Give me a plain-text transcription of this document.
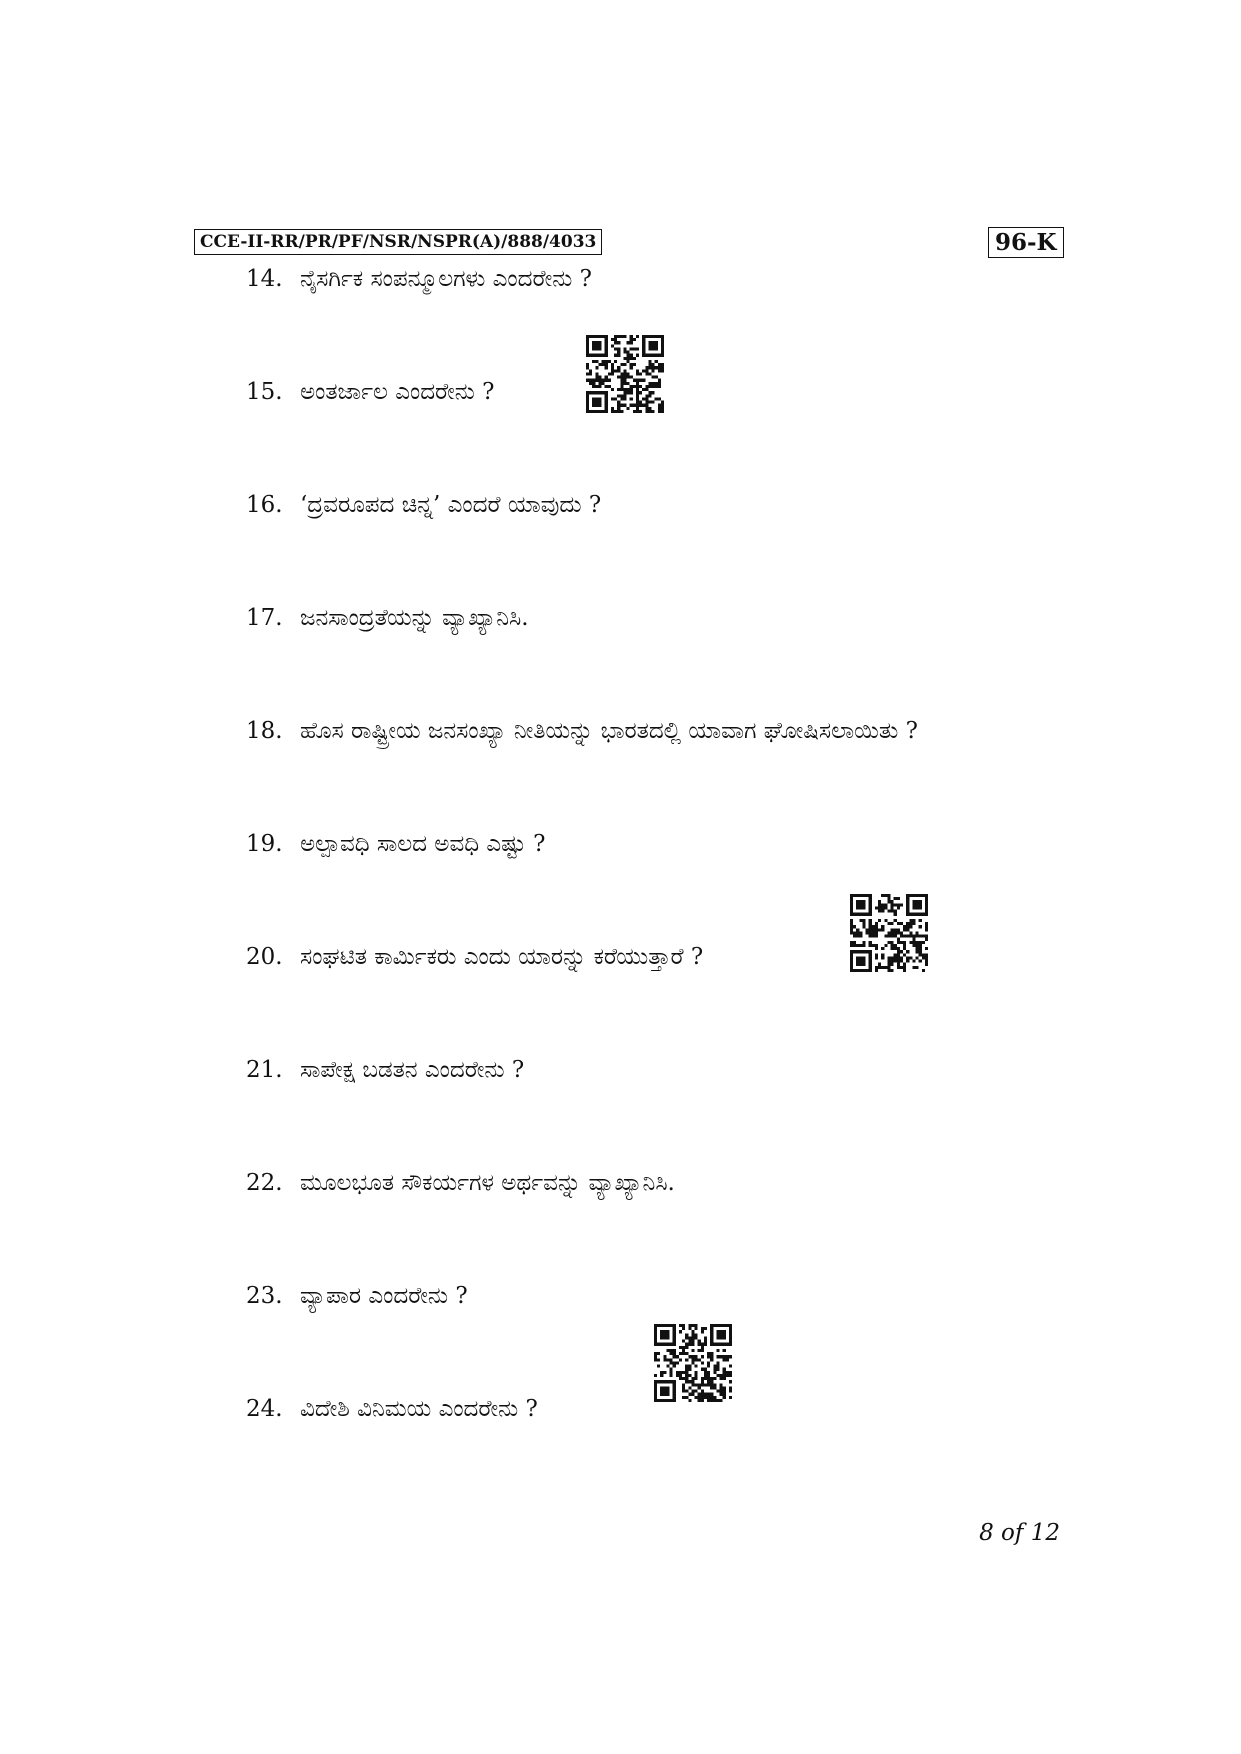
CCE-II-RR/PR/PF/NSR/NSPR(A)/888/4033	96-K
14. ನೈಸರ್ಗಿಕ ಸಂಪನ್ಮೂಲಗಳು ಎಂದರೇನು ?
15. ಅಂತರ್ಜಾಲ ಎಂದರೇನು ?
16. ‘ದ್ರವರೂಪದ ಚಿನ್ನ’ ಎಂದರೆ ಯಾವುದು ?
17. ಜನಸಾಂದ್ರತೆಯನ್ನು ವ್ಯಾಖ್ಯಾನಿಸಿ.
18. ಹೊಸ ರಾಷ್ಟ್ರೀಯ ಜನಸಂಖ್ಯಾ ನೀತಿಯನ್ನು ಭಾರತದಲ್ಲಿ ಯಾವಾಗ ಘೋಷಿಸಲಾಯಿತು ?
19. ಅಲ್ಪಾವಧಿ ಸಾಲದ ಅವಧಿ ಎಷ್ಟು ?
20. ಸಂಘಟಿತ ಕಾರ್ಮಿಕರು ಎಂದು ಯಾರನ್ನು ಕರೆಯುತ್ತಾರೆ ?
21. ಸಾಪೇಕ್ಷ ಬಡತನ ಎಂದರೇನು ?
22. ಮೂಲಭೂತ ಸೌಕರ್ಯಗಳ ಅರ್ಥವನ್ನು ವ್ಯಾಖ್ಯಾನಿಸಿ.
23. ವ್ಯಾಪಾರ ಎಂದರೇನು ?
24. ವಿದೇಶಿ ವಿನಿಮಯ ಎಂದರೇನು ?
8 of 12
